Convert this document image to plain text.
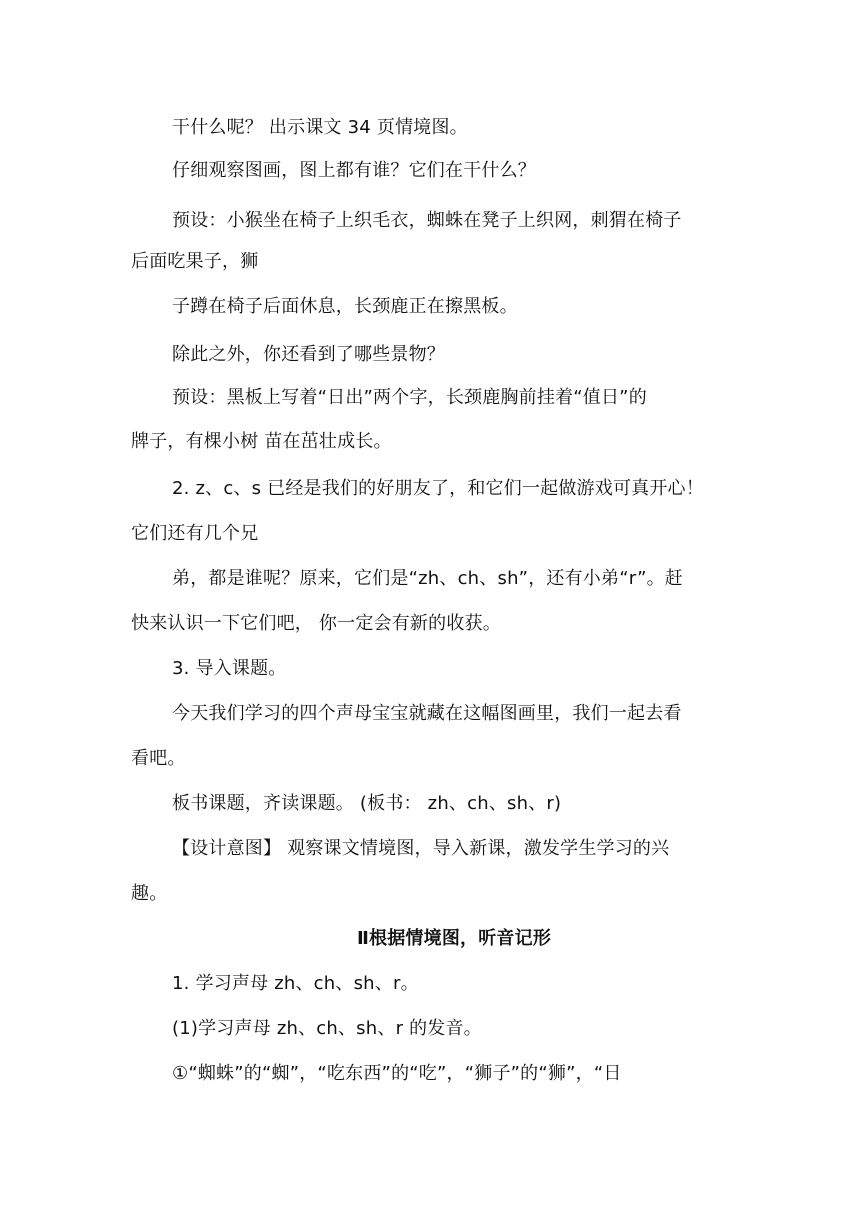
干什么呢？ 出示课文 34 页情境图。
仔细观察图画，图上都有谁？它们在干什么？
预设：小猴坐在椅子上织毛衣，蜘蛛在凳子上织网，刺猬在椅子
后面吃果子，狮
子蹲在椅子后面休息，长颈鹿正在擦黑板。
除此之外，你还看到了哪些景物？
预设：黑板上写着“日出”两个字，长颈鹿胸前挂着“值日”的
牌子，有棵小树 苗在茁壮成长。
2. z、c、s 已经是我们的好朋友了，和它们一起做游戏可真开心！
它们还有几个兄
弟，都是谁呢？原来，它们是“zh、ch、sh”，还有小弟“r”。赶
快来认识一下它们吧， 你一定会有新的收获。
3. 导入课题。
今天我们学习的四个声母宝宝就藏在这幅图画里，我们一起去看
看吧。
板书课题，齐读课题。 (板书： zh、ch、sh、r)
【设计意图】 观察课文情境图，导入新课，激发学生学习的兴
趣。
Ⅱ根据情境图，听音记形
1. 学习声母 zh、ch、sh、r。
(1)学习声母 zh、ch、sh、r 的发音。
①“蜘蛛”的“蜘”，“吃东西”的“吃”，“狮子”的“狮”，“日
